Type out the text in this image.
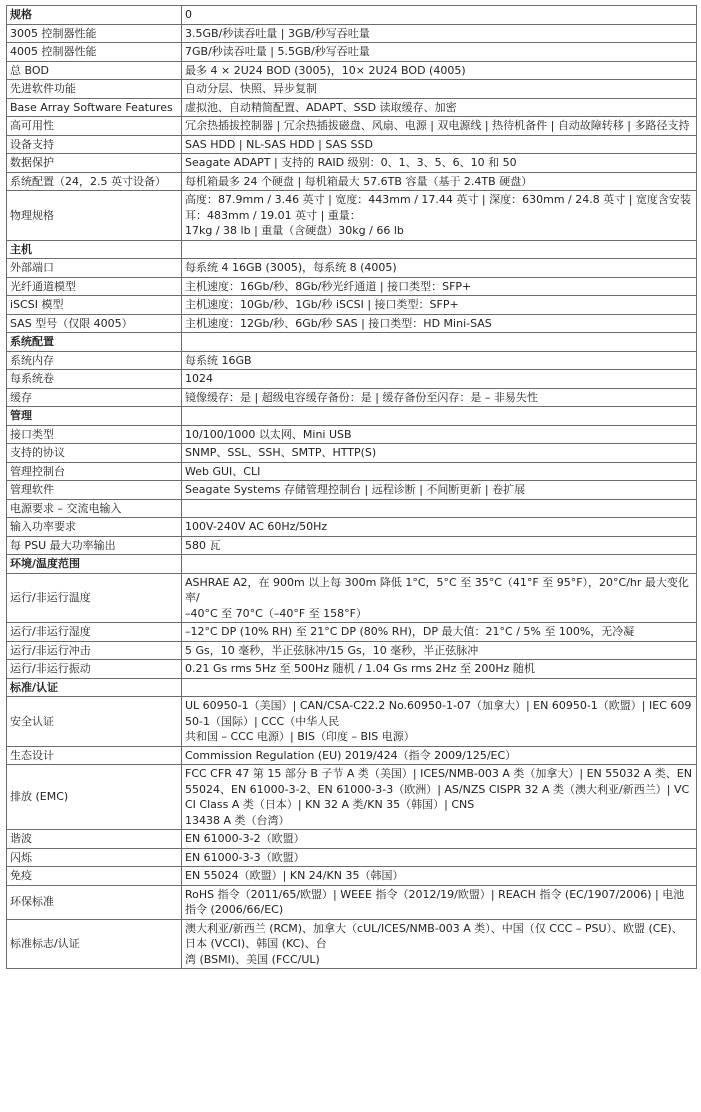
规格	0
3005 控制器性能	3.5GB/秒读吞吐量 | 3GB/秒写吞吐量
4005 控制器性能	7GB/秒读吞吐量 | 5.5GB/秒写吞吐量
总 BOD	最多 4 × 2U24 BOD (3005)，10× 2U24 BOD (4005)
先进软件功能	自动分层、快照、异步复制
Base Array Software Features	虚拟池、自动精简配置、ADAPT、SSD 读取缓存、加密
高可用性	冗余热插拔控制器 | 冗余热插拔磁盘、风扇、电源 | 双电源线 | 热待机备件 | 自动故障转移 | 多路径支持
设备支持	SAS HDD | NL-SAS HDD | SAS SSD
数据保护	Seagate ADAPT | 支持的 RAID 级别：0、1、3、5、6、10 和 50
系统配置（24，2.5 英寸设备）	每机箱最多 24 个硬盘 | 每机箱最大 57.6TB 容量（基于 2.4TB 硬盘）
物理规格	高度：87.9mm / 3.46 英寸 | 宽度：443mm / 17.44 英寸 | 深度：630mm / 24.8 英寸 | 宽度含安装耳：483mm / 19.01 英寸 | 重量：
17kg / 38 lb | 重量（含硬盘）30kg / 66 lb
主机	
外部端口	每系统 4 16GB (3005)，每系统 8 (4005)
光纤通道模型	主机速度：16Gb/秒、8Gb/秒光纤通道 | 接口类型：SFP+
iSCSI 模型	主机速度：10Gb/秒、1Gb/秒 iSCSI | 接口类型：SFP+
SAS 型号（仅限 4005）	主机速度：12Gb/秒、6Gb/秒 SAS | 接口类型：HD Mini-SAS
系统配置	
系统内存	每系统 16GB
每系统卷	1024
缓存	镜像缓存：是 | 超级电容缓存备份：是 | 缓存备份至闪存：是 – 非易失性
管理	
接口类型	10/100/1000 以太网、Mini USB
支持的协议	SNMP、SSL、SSH、SMTP、HTTP(S)
管理控制台	Web GUI、CLI
管理软件	Seagate Systems 存储管理控制台 | 远程诊断 | 不间断更新 | 卷扩展
电源要求 – 交流电输入	
输入功率要求	100V-240V AC 60Hz/50Hz
每 PSU 最大功率输出	580 瓦
环境/温度范围	
运行/非运行温度	ASHRAE A2，在 900m 以上每 300m 降低 1°C，5°C 至 35°C（41°F 至 95°F），20°C/hr 最大变化率/
–40°C 至 70°C（–40°F 至 158°F）
运行/非运行湿度	–12°C DP (10% RH) 至 21°C DP (80% RH)，DP 最大值：21°C / 5% 至 100%，无冷凝
运行/非运行冲击	5 Gs，10 毫秒，半正弦脉冲/15 Gs，10 毫秒，半正弦脉冲
运行/非运行振动	0.21 Gs rms 5Hz 至 500Hz 随机 / 1.04 Gs rms 2Hz 至 200Hz 随机
标准/认证	
安全认证	UL 60950-1（美国）| CAN/CSA-C22.2 No.60950-1-07（加拿大）| EN 60950-1（欧盟）| IEC 60950-1（国际）| CCC（中华人民
共和国 – CCC 电源）| BIS（印度 – BIS 电源）
生态设计	Commission Regulation (EU) 2019/424（指令 2009/125/EC）
排放 (EMC)	FCC CFR 47 第 15 部分 B 子节 A 类（美国）| ICES/NMB-003 A 类（加拿大）| EN 55032 A 类、EN 55024、EN 61000-3-2、EN 61000-3-3（欧洲）| AS/NZS CISPR 32 A 类（澳大利亚/新西兰）| VCCI Class A 类（日本）| KN 32 A 类/KN 35（韩国）| CNS
13438 A 类（台湾）
谐波	EN 61000-3-2（欧盟）
闪烁	EN 61000-3-3（欧盟）
免疫	EN 55024（欧盟）| KN 24/KN 35（韩国）
环保标准	RoHS 指令（2011/65/欧盟）| WEEE 指令（2012/19/欧盟）| REACH 指令 (EC/1907/2006) | 电池指令 (2006/66/EC)
标准标志/认证	澳大利亚/新西兰 (RCM)、加拿大（cUL/ICES/NMB-003 A 类）、中国（仅 CCC – PSU）、欧盟 (CE)、日本 (VCCI)、韩国 (KC)、台
湾 (BSMI)、美国 (FCC/UL)
